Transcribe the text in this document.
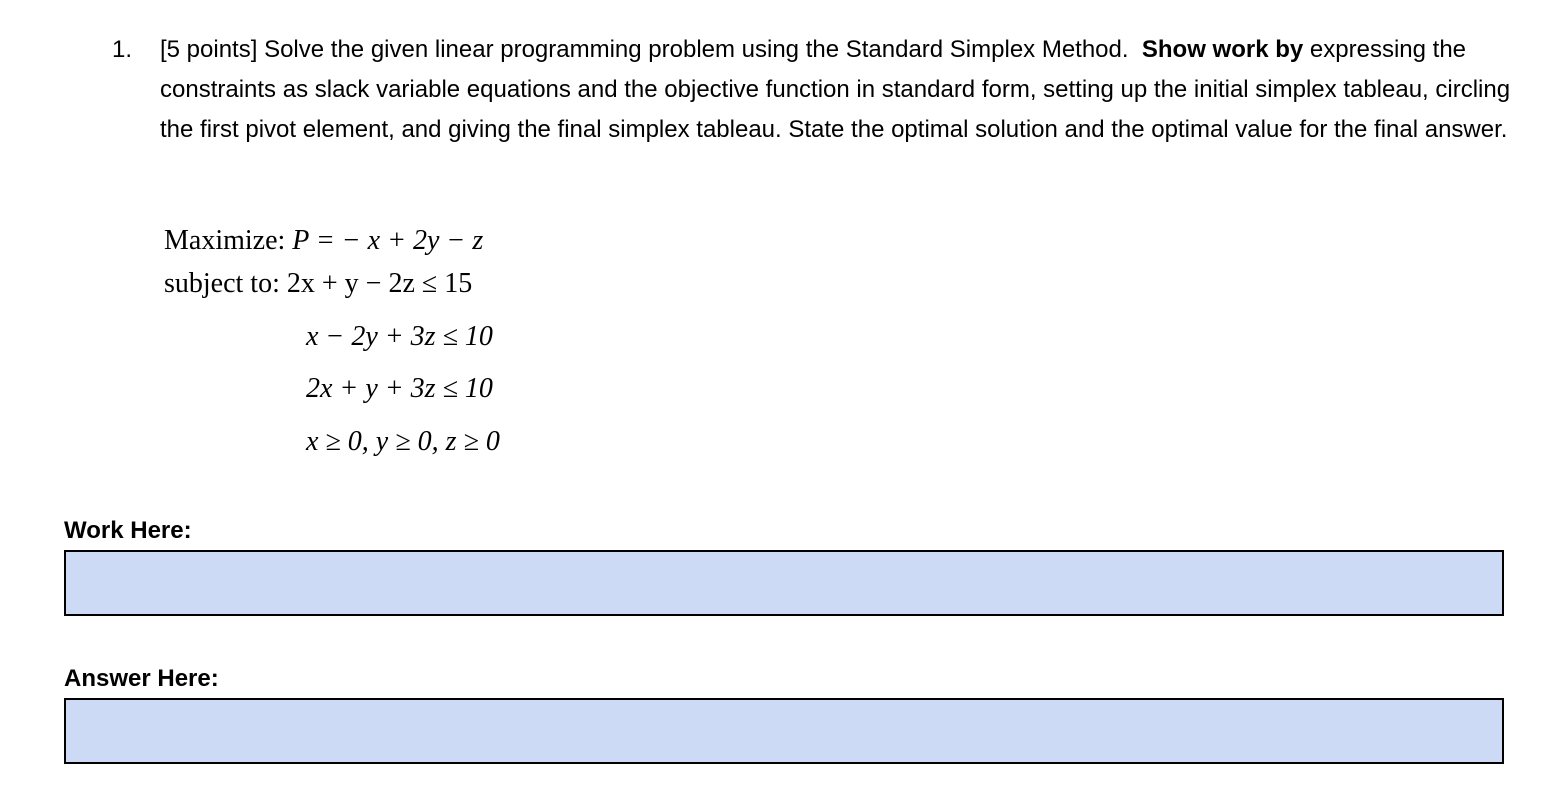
1. [5 points] Solve the given linear programming problem using the Standard Simplex Method. Show work by expressing the constraints as slack variable equations and the objective function in standard form, setting up the initial simplex tableau, circling the first pivot element, and giving the final simplex tableau. State the optimal solution and the optimal value for the final answer.
Maximize: P = − x + 2y − z
subject to: 2x + y − 2z ≤ 15
x − 2y + 3z ≤ 10
2x + y + 3z ≤ 10
x ≥ 0, y ≥ 0, z ≥ 0
Work Here:
Answer Here:
